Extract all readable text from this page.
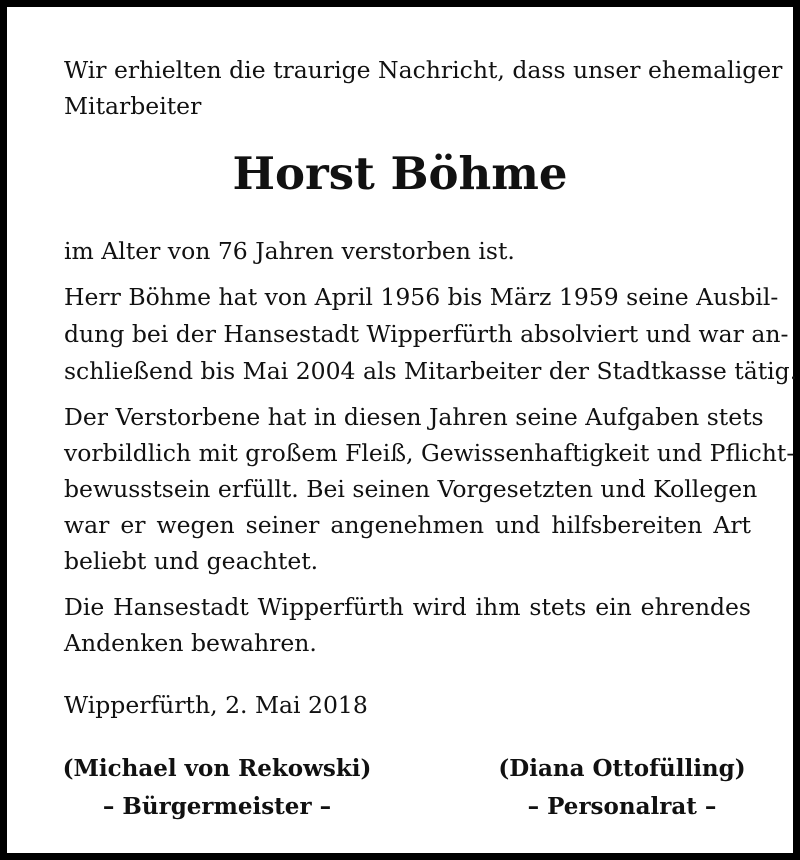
Wir erhielten die traurige Nachricht, dass unser ehemaliger
Mitarbeiter
Horst Böhme
im Alter von 76 Jahren verstorben ist.
Herr Böhme hat von April 1956 bis März 1959 seine Ausbil-
dung bei der Hansestadt Wipperfürth absolviert und war an-
schließend bis Mai 2004 als Mitarbeiter der Stadtkasse tätig.
Der Verstorbene hat in diesen Jahren seine Aufgaben stets
vorbildlich mit großem Fleiß, Gewissenhaftigkeit und Pflicht-
bewusstsein erfüllt. Bei seinen Vorgesetzten und Kollegen
war er wegen seiner angenehmen und hilfsbereiten Art
beliebt und geachtet.
Die Hansestadt Wipperfürth wird ihm stets ein ehrendes
Andenken bewahren.
Wipperfürth, 2. Mai 2018
(Michael von Rekowski)
– Bürgermeister –
(Diana Ottofülling)
– Personalrat –
